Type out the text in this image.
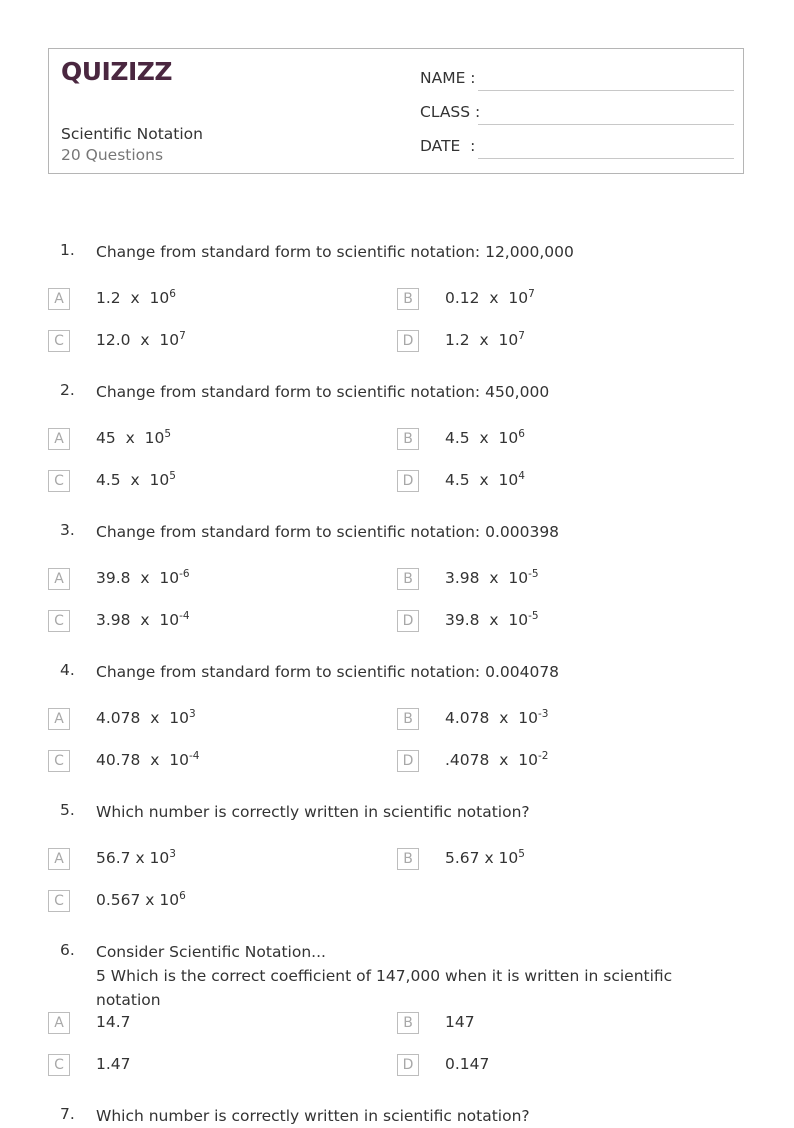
QUIZIZZ
Scientific Notation
20 Questions
NAME :
CLASS :
DATE  :
1. Change from standard form to scientific notation: 12,000,000
A	1.2  x  $10^6$	B	0.12  x  $10^7$
C	12.0  x  $10^7$	D	1.2  x  $10^7$
2. Change from standard form to scientific notation: 450,000
A	45  x  $10^5$	B	4.5  x  $10^6$
C	4.5  x  $10^5$	D	4.5  x  $10^4$
3. Change from standard form to scientific notation: 0.000398
A	39.8  x  $10^{-6}$	B	3.98  x  $10^{-5}$
C	3.98  x  $10^{-4}$	D	39.8  x  $10^{-5}$
4. Change from standard form to scientific notation: 0.004078
A	4.078  x  $10^3$	B	4.078  x  $10^{-3}$
C	40.78  x  $10^{-4}$	D	.4078  x  $10^{-2}$
5. Which number is correctly written in scientific notation?
A	56.7 x $10^3$	B	5.67 x $10^5$
C	0.567 x $10^6$
6. Consider Scientific Notation...
5 Which is the correct coefficient of 147,000 when it is written in scientific notation
A	14.7	B	147
C	1.47	D	0.147
7. Which number is correctly written in scientific notation?
